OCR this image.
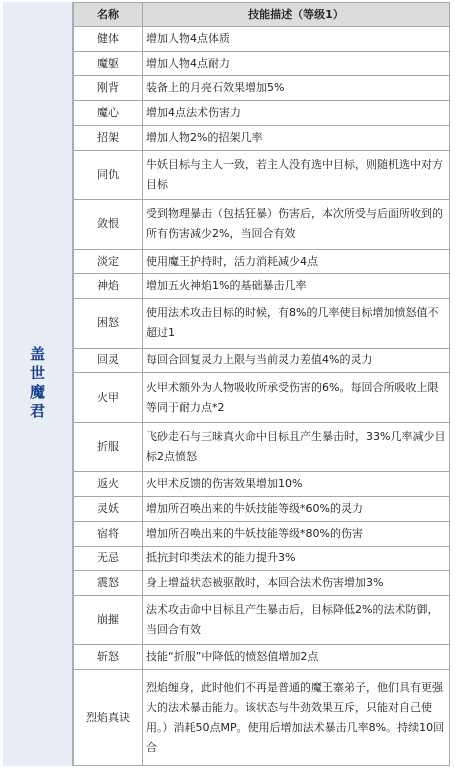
盖世魔君
名称	技能描述（等级1）
健体	增加人物4点体质
魔躯	增加人物4点耐力
刚背	装备上的月亮石效果增加5%
魔心	增加4点法术伤害力
招架	增加人物2%的招架几率
同仇	牛妖目标与主人一致，若主人没有选中目标，则随机选中对方目标
敛恨	受到物理暴击（包括狂暴）伤害后，本次所受与后面所收到的所有伤害减少2%，当回合有效
淡定	使用魔王护持时，活力消耗减少4点
神焰	增加五火神焰1%的基础暴击几率
困怒	使用法术攻击目标的时候，有8%的几率使目标增加愤怒值不超过1
回灵	每回合回复灵力上限与当前灵力差值4%的灵力
火甲	火甲术额外为人物吸收所承受伤害的6%。每回合所吸收上限等同于耐力点*2
折服	飞砂走石与三昧真火命中目标且产生暴击时，33%几率减少目标2点愤怒
返火	火甲术反馈的伤害效果增加10%
灵妖	增加所召唤出来的牛妖技能等级*60%的灵力
宿将	增加所召唤出来的牛妖技能等级*80%的伤害
无忌	抵抗封印类法术的能力提升3%
震怒	身上增益状态被驱散时，本回合法术伤害增加3%
崩摧	法术攻击命中目标且产生暴击后，目标降低2%的法术防御，当回合有效
斩怒	技能“折服”中降低的愤怒值增加2点
烈焰真诀	烈焰缠身，此时他们不再是普通的魔王寨弟子，他们具有更强大的法术暴击能力。该状态与牛劲效果互斥，只能对自己使用。）消耗50点MP。使用后增加法术暴击几率8%。持续10回合
